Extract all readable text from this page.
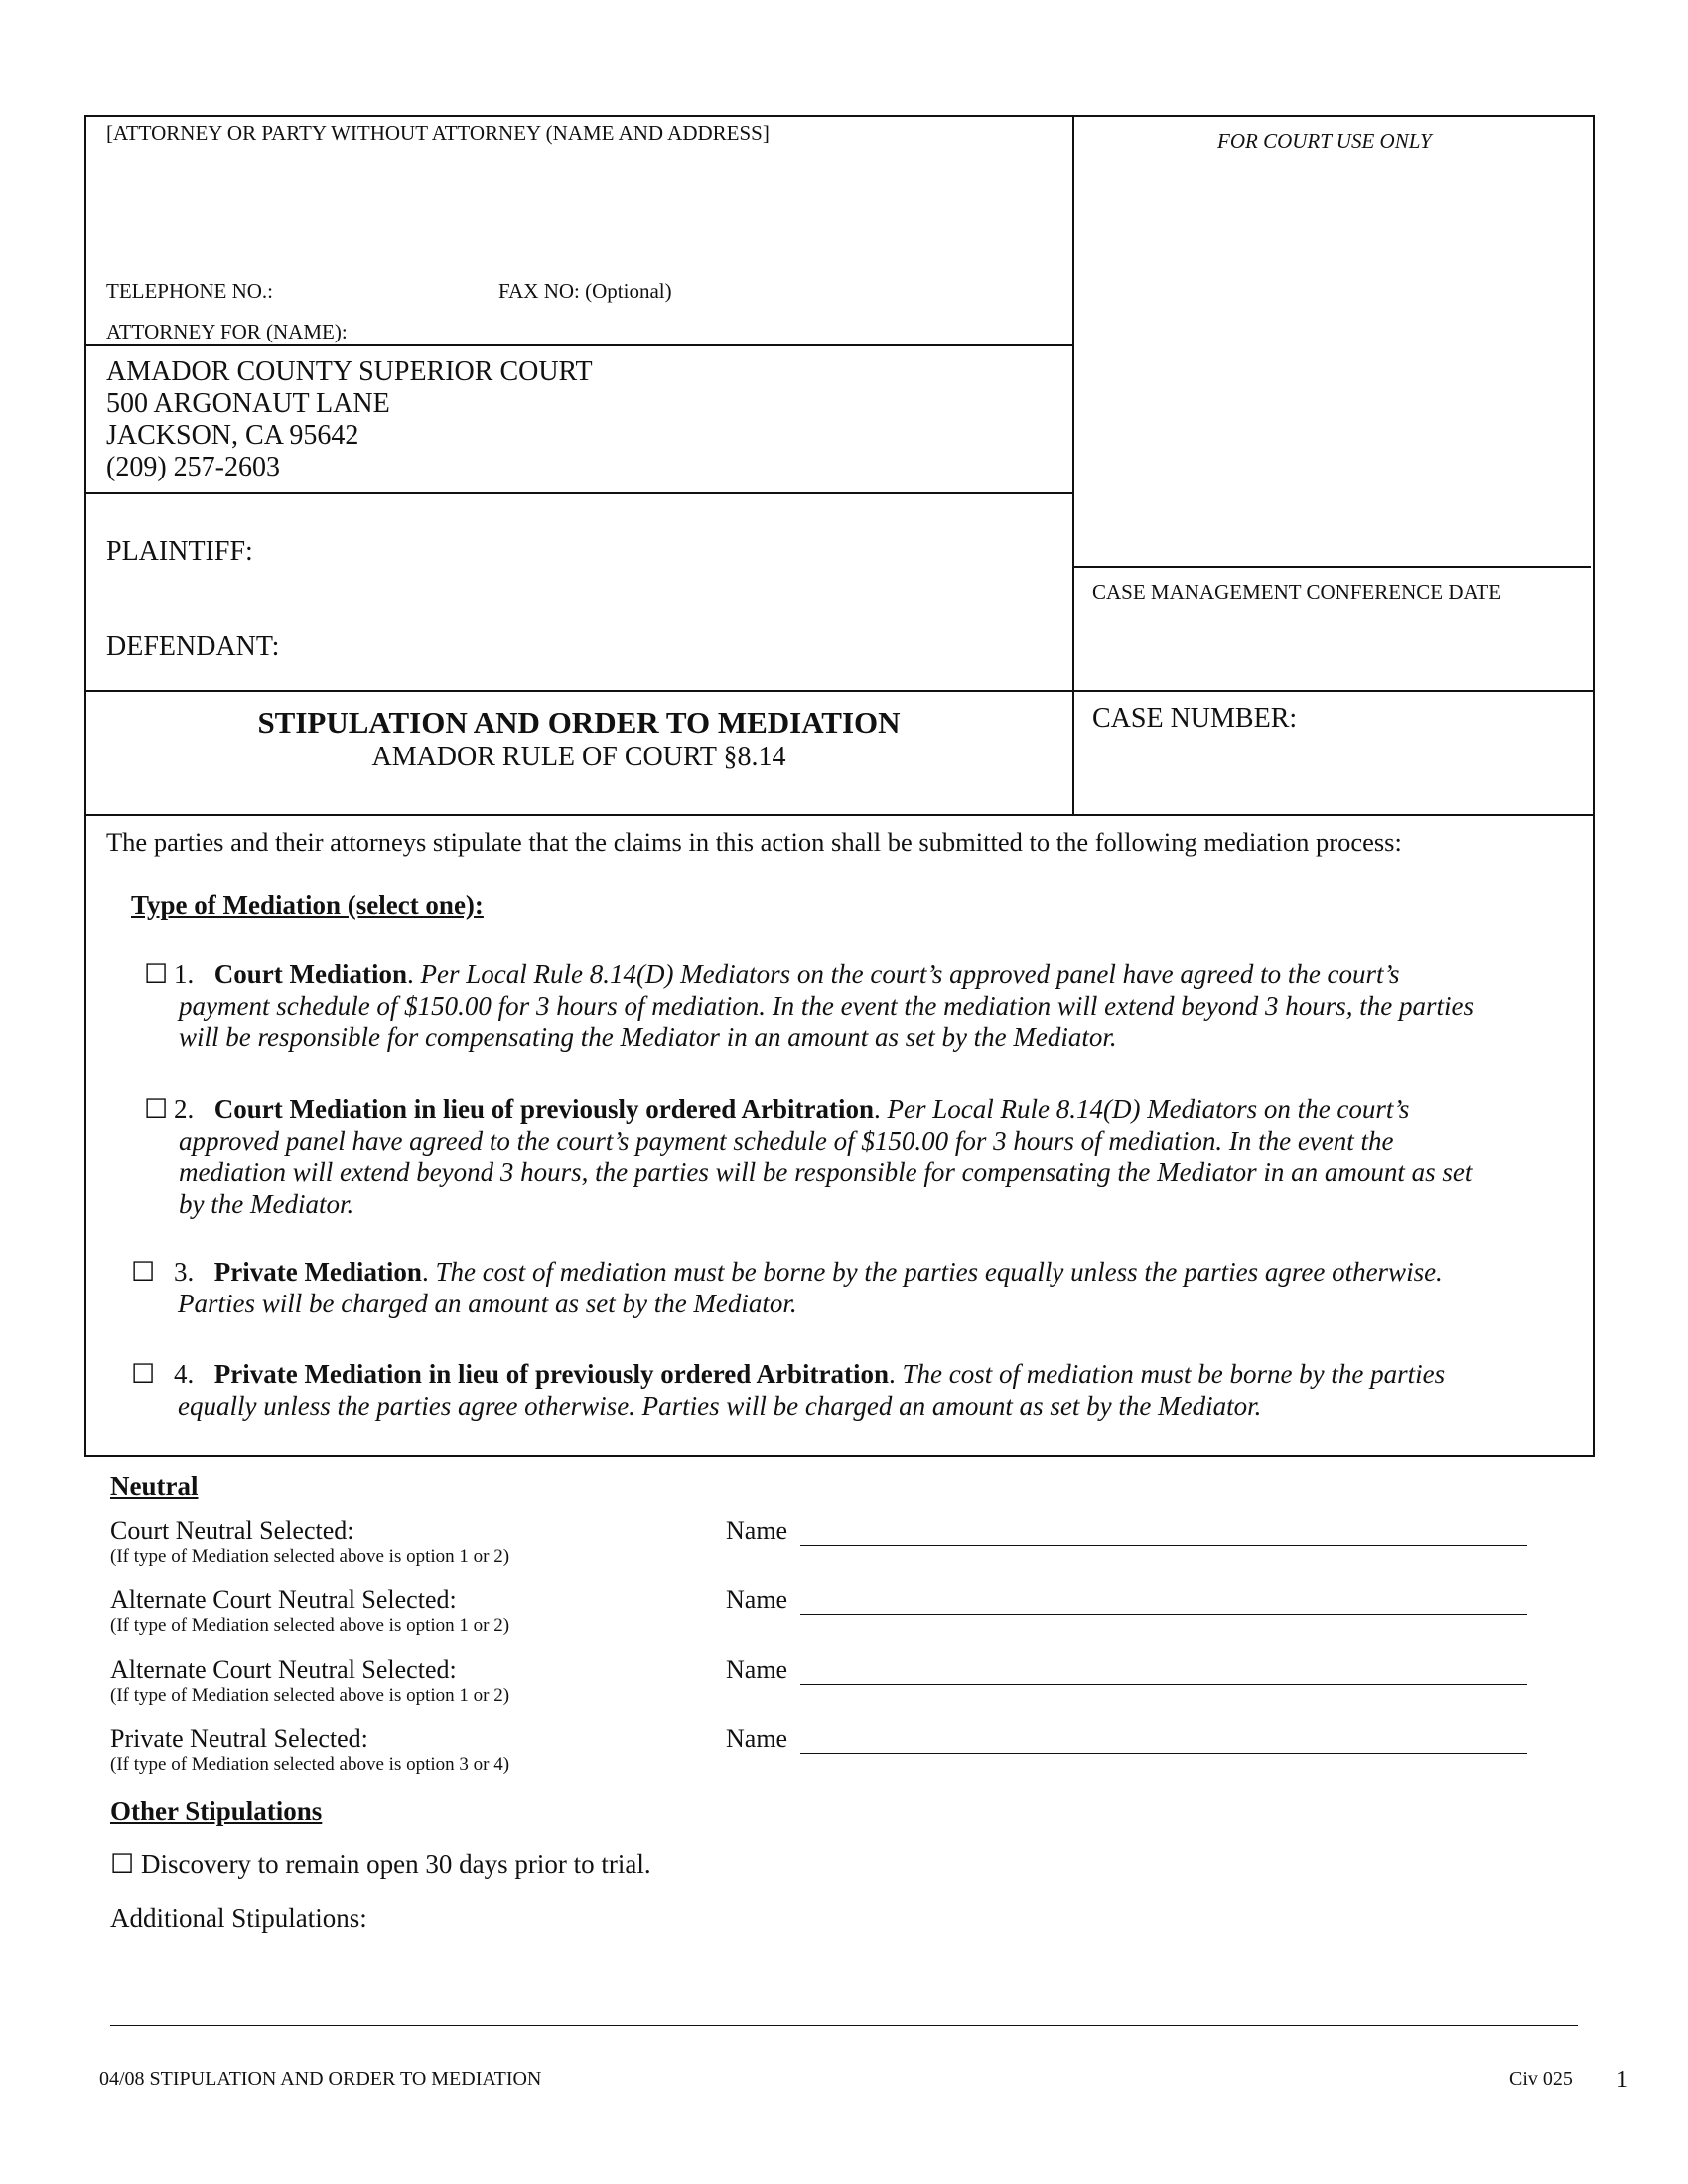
[ATTORNEY OR PARTY WITHOUT ATTORNEY (NAME AND ADDRESS]	FOR COURT USE ONLY
TELEPHONE NO.:	FAX NO: (Optional)
ATTORNEY FOR (NAME):
AMADOR COUNTY SUPERIOR COURT
500 ARGONAUT LANE
JACKSON, CA 95642
(209) 257-2603
PLAINTIFF:
DEFENDANT:
CASE MANAGEMENT CONFERENCE DATE
STIPULATION AND ORDER TO MEDIATION
AMADOR RULE OF COURT §8.14
CASE NUMBER:
The parties and their attorneys stipulate that the claims in this action shall be submitted to the following mediation process:
Type of Mediation (select one):
☐ 1. Court Mediation. Per Local Rule 8.14(D) Mediators on the court’s approved panel have agreed to the court’s
payment schedule of $150.00 for 3 hours of mediation. In the event the mediation will extend beyond 3 hours, the parties
will be responsible for compensating the Mediator in an amount as set by the Mediator.
☐ 2. Court Mediation in lieu of previously ordered Arbitration. Per Local Rule 8.14(D) Mediators on the court’s
approved panel have agreed to the court’s payment schedule of $150.00 for 3 hours of mediation. In the event the
mediation will extend beyond 3 hours, the parties will be responsible for compensating the Mediator in an amount as set
by the Mediator.
☐ 3. Private Mediation. The cost of mediation must be borne by the parties equally unless the parties agree otherwise.
Parties will be charged an amount as set by the Mediator.
☐ 4. Private Mediation in lieu of previously ordered Arbitration. The cost of mediation must be borne by the parties
equally unless the parties agree otherwise. Parties will be charged an amount as set by the Mediator.
Neutral
Court Neutral Selected:
(If type of Mediation selected above is option 1 or 2)
Name
Alternate Court Neutral Selected:
(If type of Mediation selected above is option 1 or 2)
Name
Alternate Court Neutral Selected:
(If type of Mediation selected above is option 1 or 2)
Name
Private Neutral Selected:
(If type of Mediation selected above is option 3 or 4)
Name
Other Stipulations
☐ Discovery to remain open 30 days prior to trial.
Additional Stipulations:
04/08 STIPULATION AND ORDER TO MEDIATION	Civ 025 1
